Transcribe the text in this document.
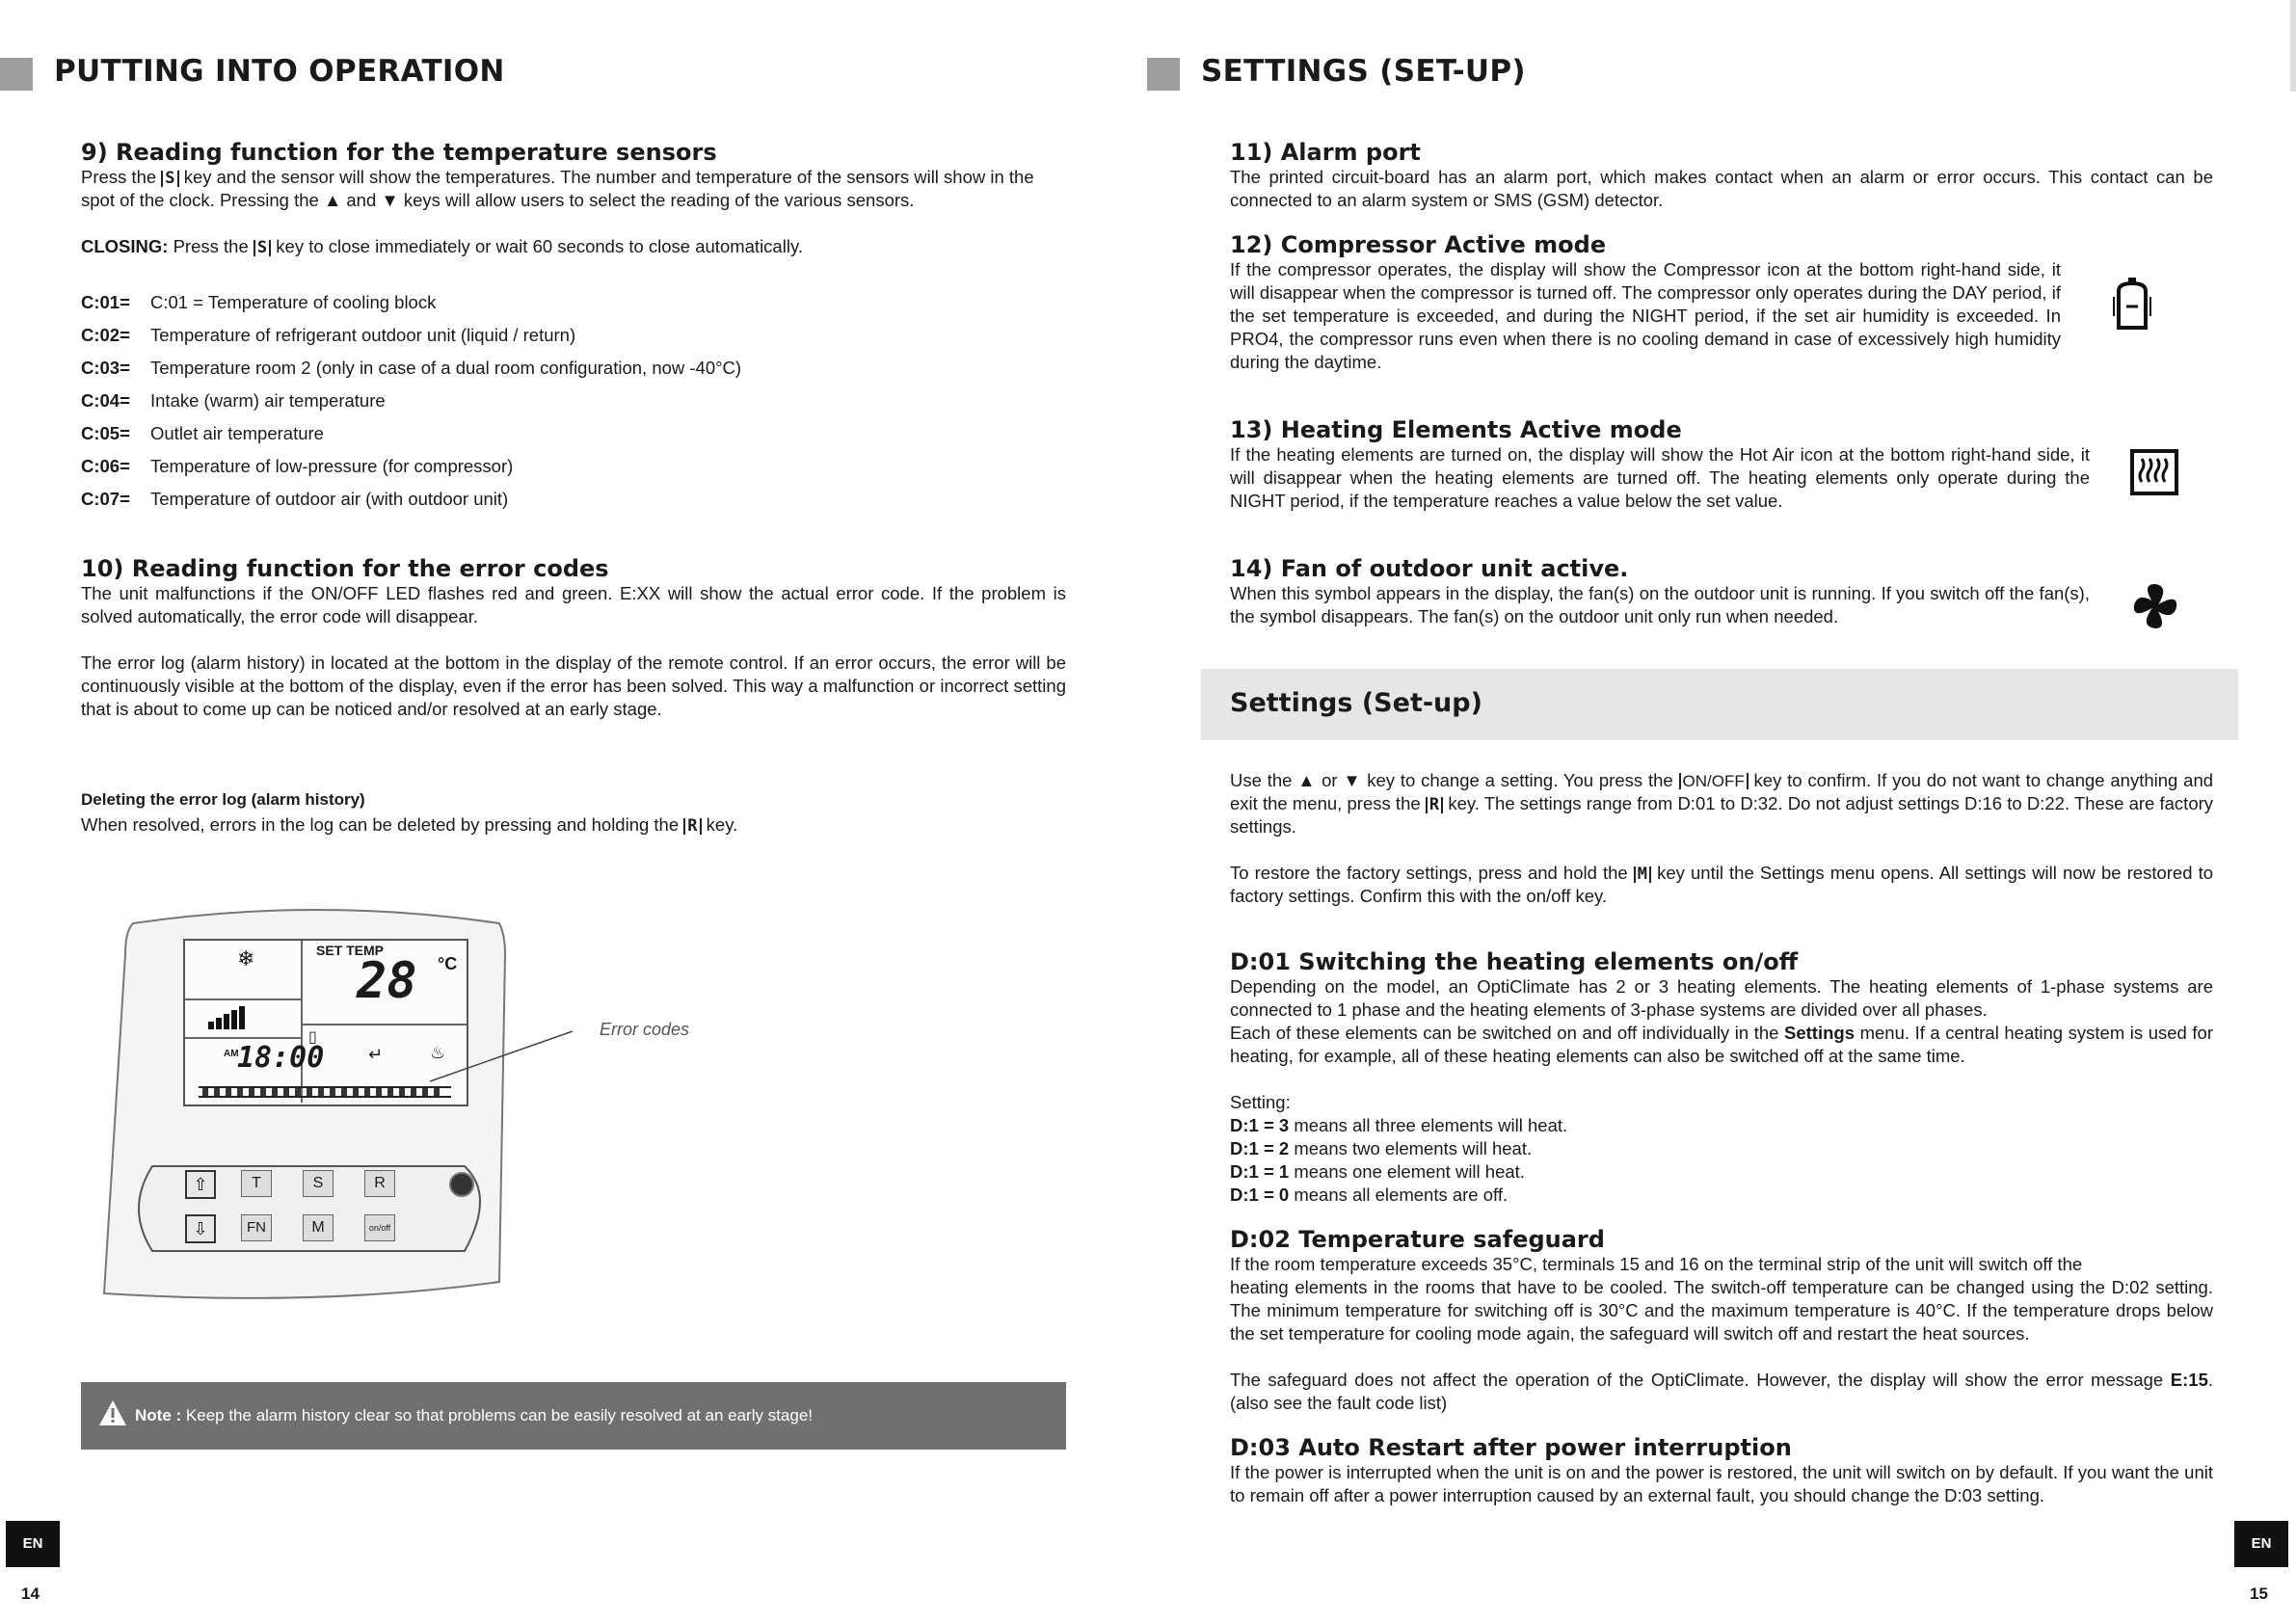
PUTTING INTO OPERATION
9) Reading function for the temperature sensors
Press the S key and the sensor will show the temperatures. The number and temperature of the sensors will show in the
spot of the clock. Pressing the ▲ and ▼ keys will allow users to select the reading of the various sensors.
CLOSING: Press the S key to close immediately or wait 60 seconds to close automatically.
C:01= C:01 = Temperature of cooling block
C:02= Temperature of refrigerant outdoor unit (liquid / return)
C:03= Temperature room 2 (only in case of a dual room configuration, now -40°C)
C:04= Intake (warm) air temperature
C:05= Outlet air temperature
C:06= Temperature of low-pressure (for compressor)
C:07= Temperature of outdoor air (with outdoor unit)
10) Reading function for the error codes
The unit malfunctions if the ON/OFF LED flashes red and green. E:XX will show the actual error code. If the problem is solved automatically, the error code will disappear.
The error log (alarm history) in located at the bottom in the display of the remote control. If an error occurs, the error will be continuously visible at the bottom of the display, even if the error has been solved. This way a malfunction or incorrect setting that is about to come up can be noticed and/or resolved at an early stage.
Deleting the error log (alarm history)
When resolved, errors in the log can be deleted by pressing and holding the R key.
❄	SET TEMP
28 °C
AM
18:00
▯
↵	♨
Error codes
⇧
⇩
T	S	R
FN	M	on/off
Note : Keep the alarm history clear so that problems can be easily resolved at an early stage!
EN
14
SETTINGS (SET-UP)
11) Alarm port
The printed circuit-board has an alarm port, which makes contact when an alarm or error occurs. This contact can be connected to an alarm system or SMS (GSM) detector.
12) Compressor Active mode
If the compressor operates, the display will show the Compressor icon at the bottom right-hand side, it will disappear when the compressor is turned off. The compressor only operates during the DAY period, if the set temperature is exceeded, and during the NIGHT period, if the set air humidity is exceeded. In PRO4, the compressor runs even when there is no cooling demand in case of excessively high humidity during the daytime.
13) Heating Elements Active mode
If the heating elements are turned on, the display will show the Hot Air icon at the bottom right-hand side, it will disappear when the heating elements are turned off. The heating elements only operate during the NIGHT period, if the temperature reaches a value below the set value.
14) Fan of outdoor unit active.
When this symbol appears in the display, the fan(s) on the outdoor unit is running. If you switch off the fan(s), the symbol disappears. The fan(s) on the outdoor unit only run when needed.
Settings (Set-up)
Use the ▲ or ▼ key to change a setting. You press the ON/OFF key to confirm. If you do not want to change anything and exit the menu, press the R key. The settings range from D:01 to D:32. Do not adjust settings D:16 to D:22. These are factory settings.
To restore the factory settings, press and hold the M key until the Settings menu opens. All settings will now be restored to factory settings. Confirm this with the on/off key.
D:01 Switching the heating elements on/off
Depending on the model, an OptiClimate has 2 or 3 heating elements. The heating elements of 1-phase systems are connected to 1 phase and the heating elements of 3-phase systems are divided over all phases.
Each of these elements can be switched on and off individually in the Settings menu. If a central heating system is used for heating, for example, all of these heating elements can also be switched off at the same time.
Setting:
D:1 = 3 means all three elements will heat.
D:1 = 2 means two elements will heat.
D:1 = 1 means one element will heat.
D:1 = 0 means all elements are off.
D:02 Temperature safeguard
If the room temperature exceeds 35°C, terminals 15 and 16 on the terminal strip of the unit will switch off the
heating elements in the rooms that have to be cooled. The switch-off temperature can be changed using the D:02 setting. The minimum temperature for switching off is 30°C and the maximum temperature is 40°C. If the temperature drops below the set temperature for cooling mode again, the safeguard will switch off and restart the heat sources.
The safeguard does not affect the operation of the OptiClimate. However, the display will show the error message E:15. (also see the fault code list)
D:03 Auto Restart after power interruption
If the power is interrupted when the unit is on and the power is restored, the unit will switch on by default. If you want the unit to remain off after a power interruption caused by an external fault, you should change the D:03 setting.
EN
15
